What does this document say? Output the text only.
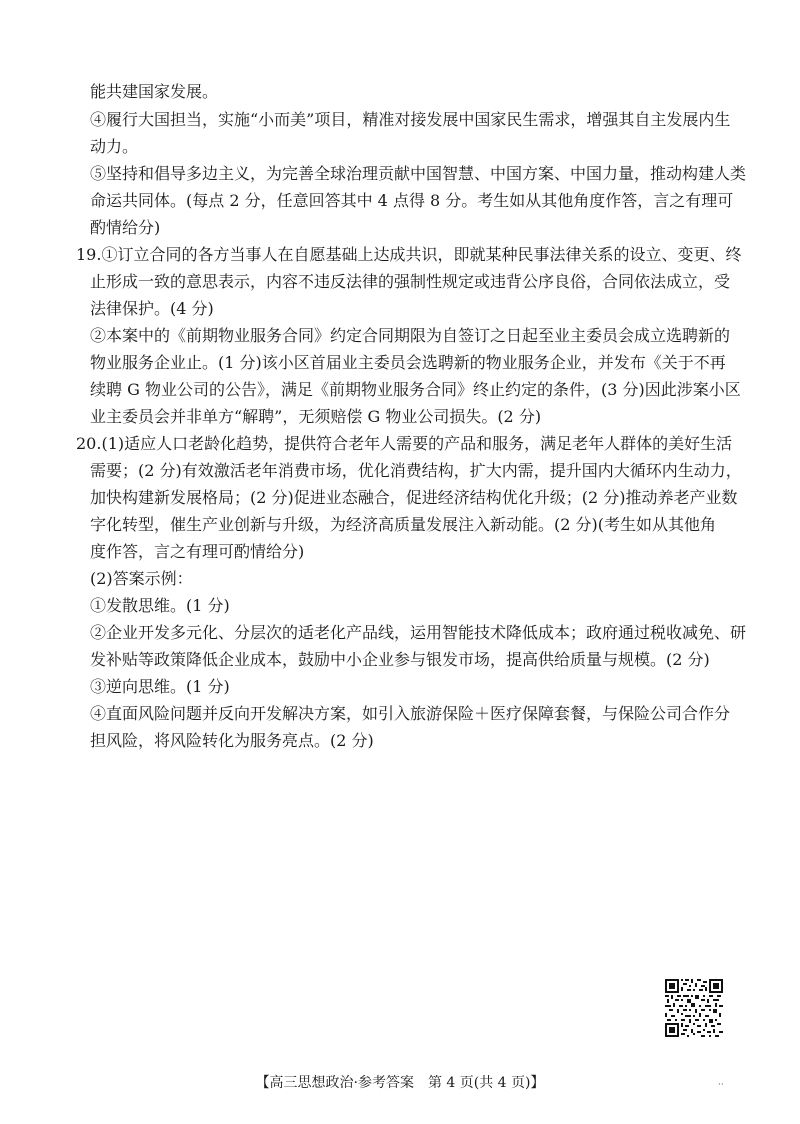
能共建国家发展。
④履行大国担当，实施“小而美”项目，精准对接发展中国家民生需求，增强其自主发展内生
动力。
⑤坚持和倡导多边主义，为完善全球治理贡献中国智慧、中国方案、中国力量，推动构建人类
命运共同体。(每点 2 分，任意回答其中 4 点得 8 分。考生如从其他角度作答，言之有理可
酌情给分)
19.①订立合同的各方当事人在自愿基础上达成共识，即就某种民事法律关系的设立、变更、终
止形成一致的意思表示，内容不违反法律的强制性规定或违背公序良俗，合同依法成立，受
法律保护。(4 分)
②本案中的《前期物业服务合同》约定合同期限为自签订之日起至业主委员会成立选聘新的
物业服务企业止。(1 分)该小区首届业主委员会选聘新的物业服务企业，并发布《关于不再
续聘 G 物业公司的公告》，满足《前期物业服务合同》终止约定的条件，(3 分)因此涉案小区
业主委员会并非单方“解聘”，无须赔偿 G 物业公司损失。(2 分)
20.(1)适应人口老龄化趋势，提供符合老年人需要的产品和服务，满足老年人群体的美好生活
需要；(2 分)有效激活老年消费市场，优化消费结构，扩大内需，提升国内大循环内生动力，
加快构建新发展格局；(2 分)促进业态融合，促进经济结构优化升级；(2 分)推动养老产业数
字化转型，催生产业创新与升级，为经济高质量发展注入新动能。(2 分)(考生如从其他角
度作答，言之有理可酌情给分)
(2)答案示例：
①发散思维。(1 分)
②企业开发多元化、分层次的适老化产品线，运用智能技术降低成本；政府通过税收减免、研
发补贴等政策降低企业成本，鼓励中小企业参与银发市场，提高供给质量与规模。(2 分)
③逆向思维。(1 分)
④直面风险问题并反向开发解决方案，如引入旅游保险＋医疗保障套餐，与保险公司合作分
担风险，将风险转化为服务亮点。(2 分)
【高三思想政治·参考答案　第 4 页(共 4 页)】	··
